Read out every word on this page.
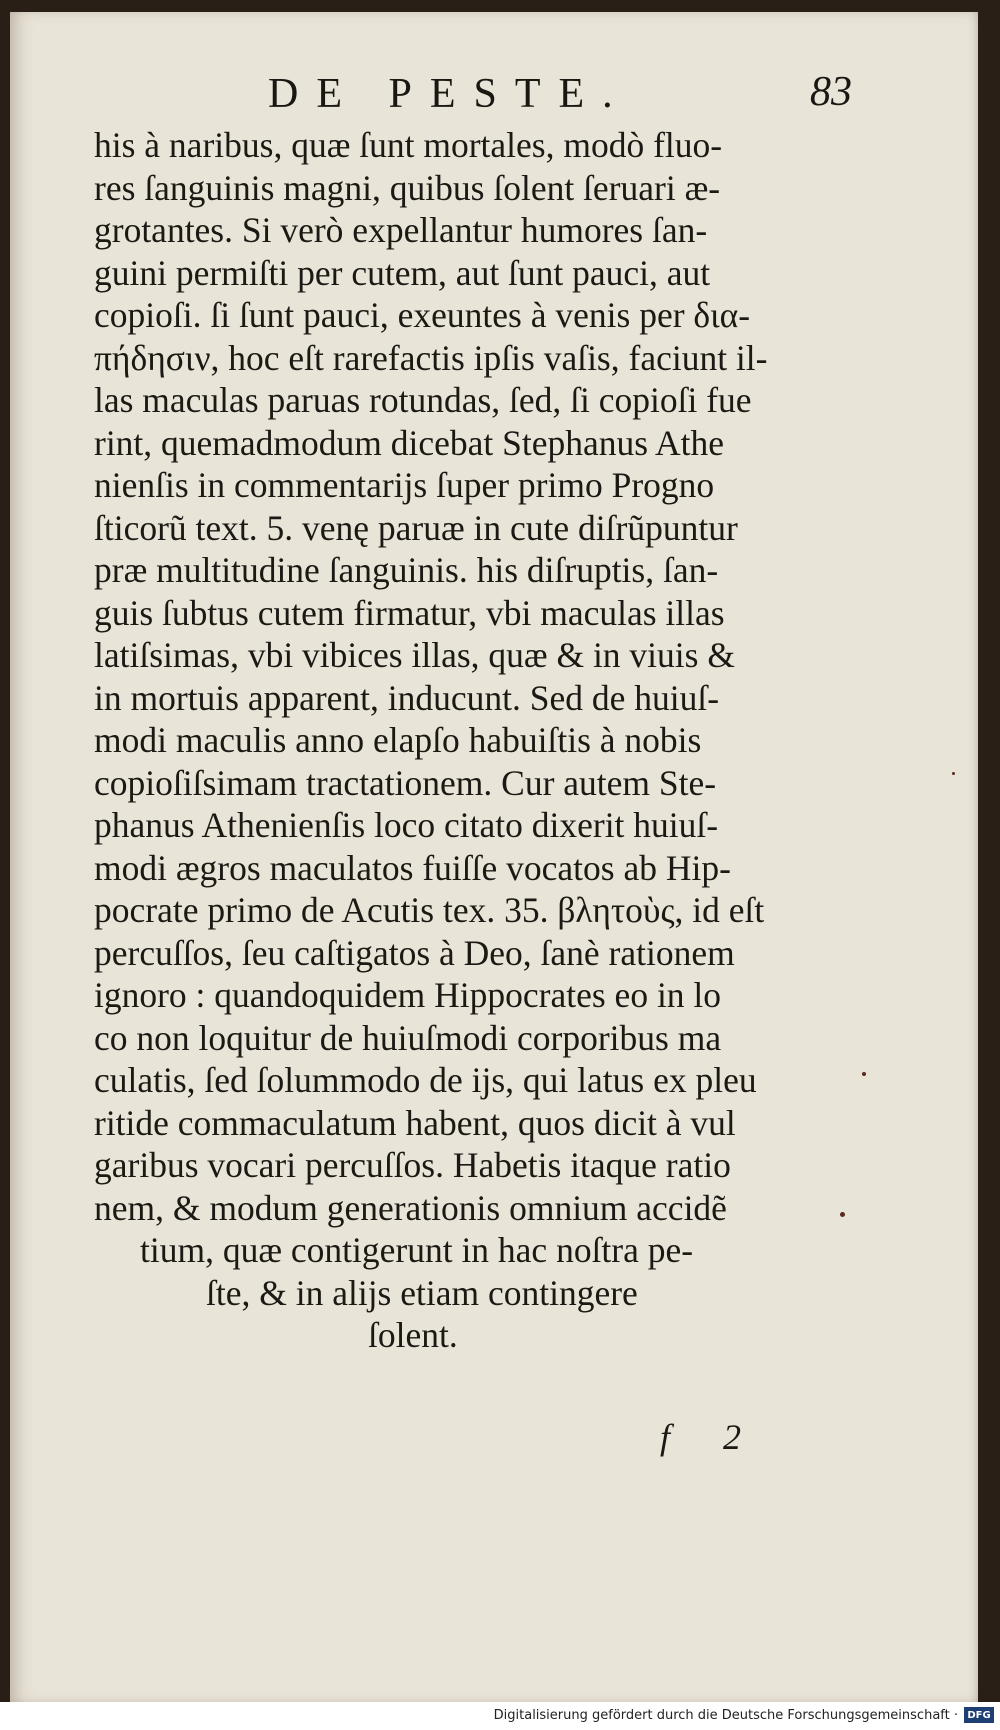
DE PESTE.	83
his à naribus, quæ ſunt mortales, modò fluo-
res ſanguinis magni, quibus ſolent ſeruari æ-
grotantes. Si verò expellantur humores ſan-
guini permiſti per cutem, aut ſunt pauci, aut
copioſi. ſi ſunt pauci, exeuntes à venis per δια-
πήδησιν, hoc eſt rarefactis ipſis vaſis, faciunt il-
las maculas paruas rotundas, ſed, ſi copioſi fue
rint, quemadmodum dicebat Stephanus Athe
nienſis in commentarijs ſuper primo Progno
ſticorũ text. 5. venę paruæ in cute diſrũpuntur
præ multitudine ſanguinis. his diſruptis, ſan-
guis ſubtus cutem firmatur, vbi maculas illas
latiſsimas, vbi vibices illas, quæ & in viuis &
in mortuis apparent, inducunt. Sed de huiuſ-
modi maculis anno elapſo habuiſtis à nobis
copioſiſsimam tractationem. Cur autem Ste-
phanus Athenienſis loco citato dixerit huiuſ-
modi ægros maculatos fuiſſe vocatos ab Hip-
pocrate primo de Acutis tex. 35. βλητοὺς, id eſt
percuſſos, ſeu caſtigatos à Deo, ſanè rationem
ignoro : quandoquidem Hippocrates eo in lo
co non loquitur de huiuſmodi corporibus ma
culatis, ſed ſolummodo de ijs, qui latus ex pleu
ritide commaculatum habent, quos dicit à vul
garibus vocari percuſſos. Habetis itaque ratio
nem, & modum generationis omnium accidẽ
tium, quæ contigerunt in hac noſtra pe-
ſte, & in alijs etiam contingere
ſolent.
f 2
Digitalisierung gefördert durch die Deutsche Forschungsgemeinschaft · DFG
